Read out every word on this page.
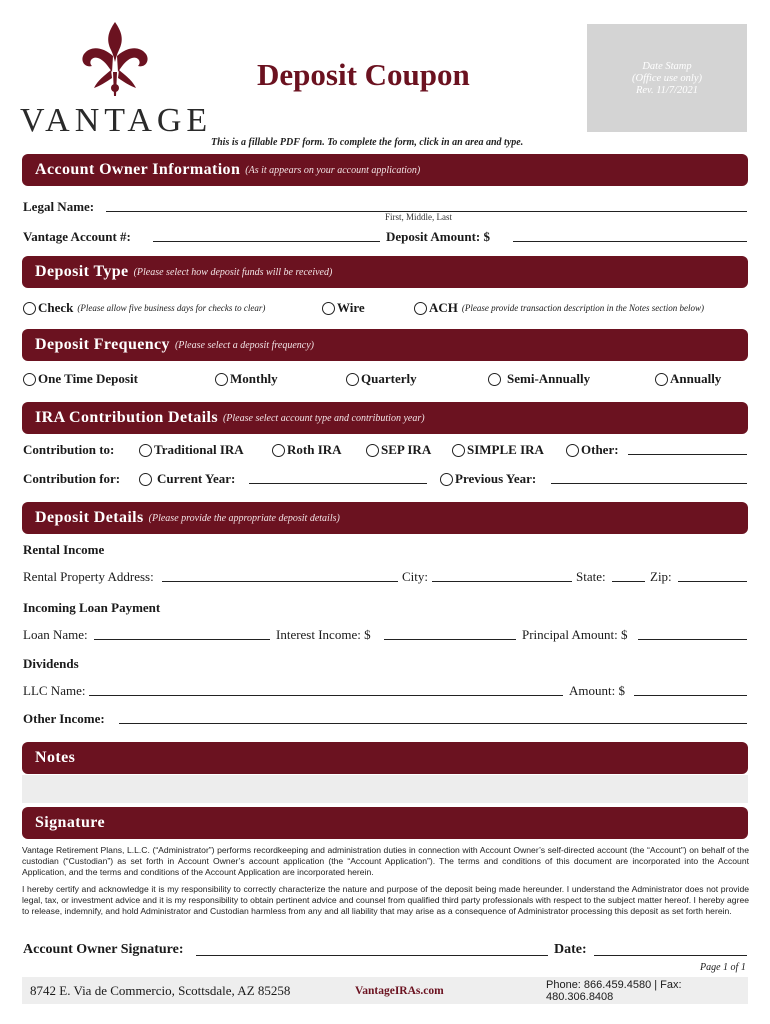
VANTAGE
Deposit Coupon	Date Stamp
(Office use only)
Rev. 11/7/2021
This is a fillable PDF form. To complete the form, click in an area and type.
Account Owner Information (As it appears on your account application)
Legal Name:
First, Middle, Last
Vantage Account #:	Deposit Amount: $
Deposit Type (Please select how deposit funds will be received)
Check (Please allow five business days for checks to clear)	Wire	ACH (Please provide transaction description in the Notes section below)
Deposit Frequency (Please select a deposit frequency)
One Time Deposit	Monthly	Quarterly	Semi-Annually	Annually
IRA Contribution Details (Please select account type and contribution year)
Contribution to:	Traditional IRA	Roth IRA	SEP IRA	SIMPLE IRA	Other:
Contribution for:	Current Year:	Previous Year:
Deposit Details (Please provide the appropriate deposit details)
Rental Income
Rental Property Address:	City:	State:	Zip:
Incoming Loan Payment
Loan Name:	Interest Income: $	Principal Amount: $
Dividends
LLC Name:	Amount: $
Other Income:
Notes
Signature
Vantage Retirement Plans, L.L.C. (“Administrator”) performs recordkeeping and administration duties in connection with Account Owner’s self-directed account (the “Account”) on behalf of the custodian (“Custodian”) as set forth in Account Owner’s account application (the “Account Application”). The terms and conditions of this document are incorporated into the Account Application, and the terms and conditions of the Account Application are incorporated herein.
I hereby certify and acknowledge it is my responsibility to correctly characterize the nature and purpose of the deposit being made hereunder. I understand the Administrator does not provide legal, tax, or investment advice and it is my responsibility to obtain pertinent advice and counsel from qualified third party professionals with respect to the subject matter hereof. I hereby agree to release, indemnify, and hold Administrator and Custodian harmless from any and all liability that may arise as a consequence of Administrator processing this deposit as set forth herein.
Account Owner Signature:	Date:
Page 1 of 1
8742 E. Via de Commercio, Scottsdale, AZ 85258	VantageIRAs.com	Phone: 866.459.4580 | Fax: 480.306.8408
